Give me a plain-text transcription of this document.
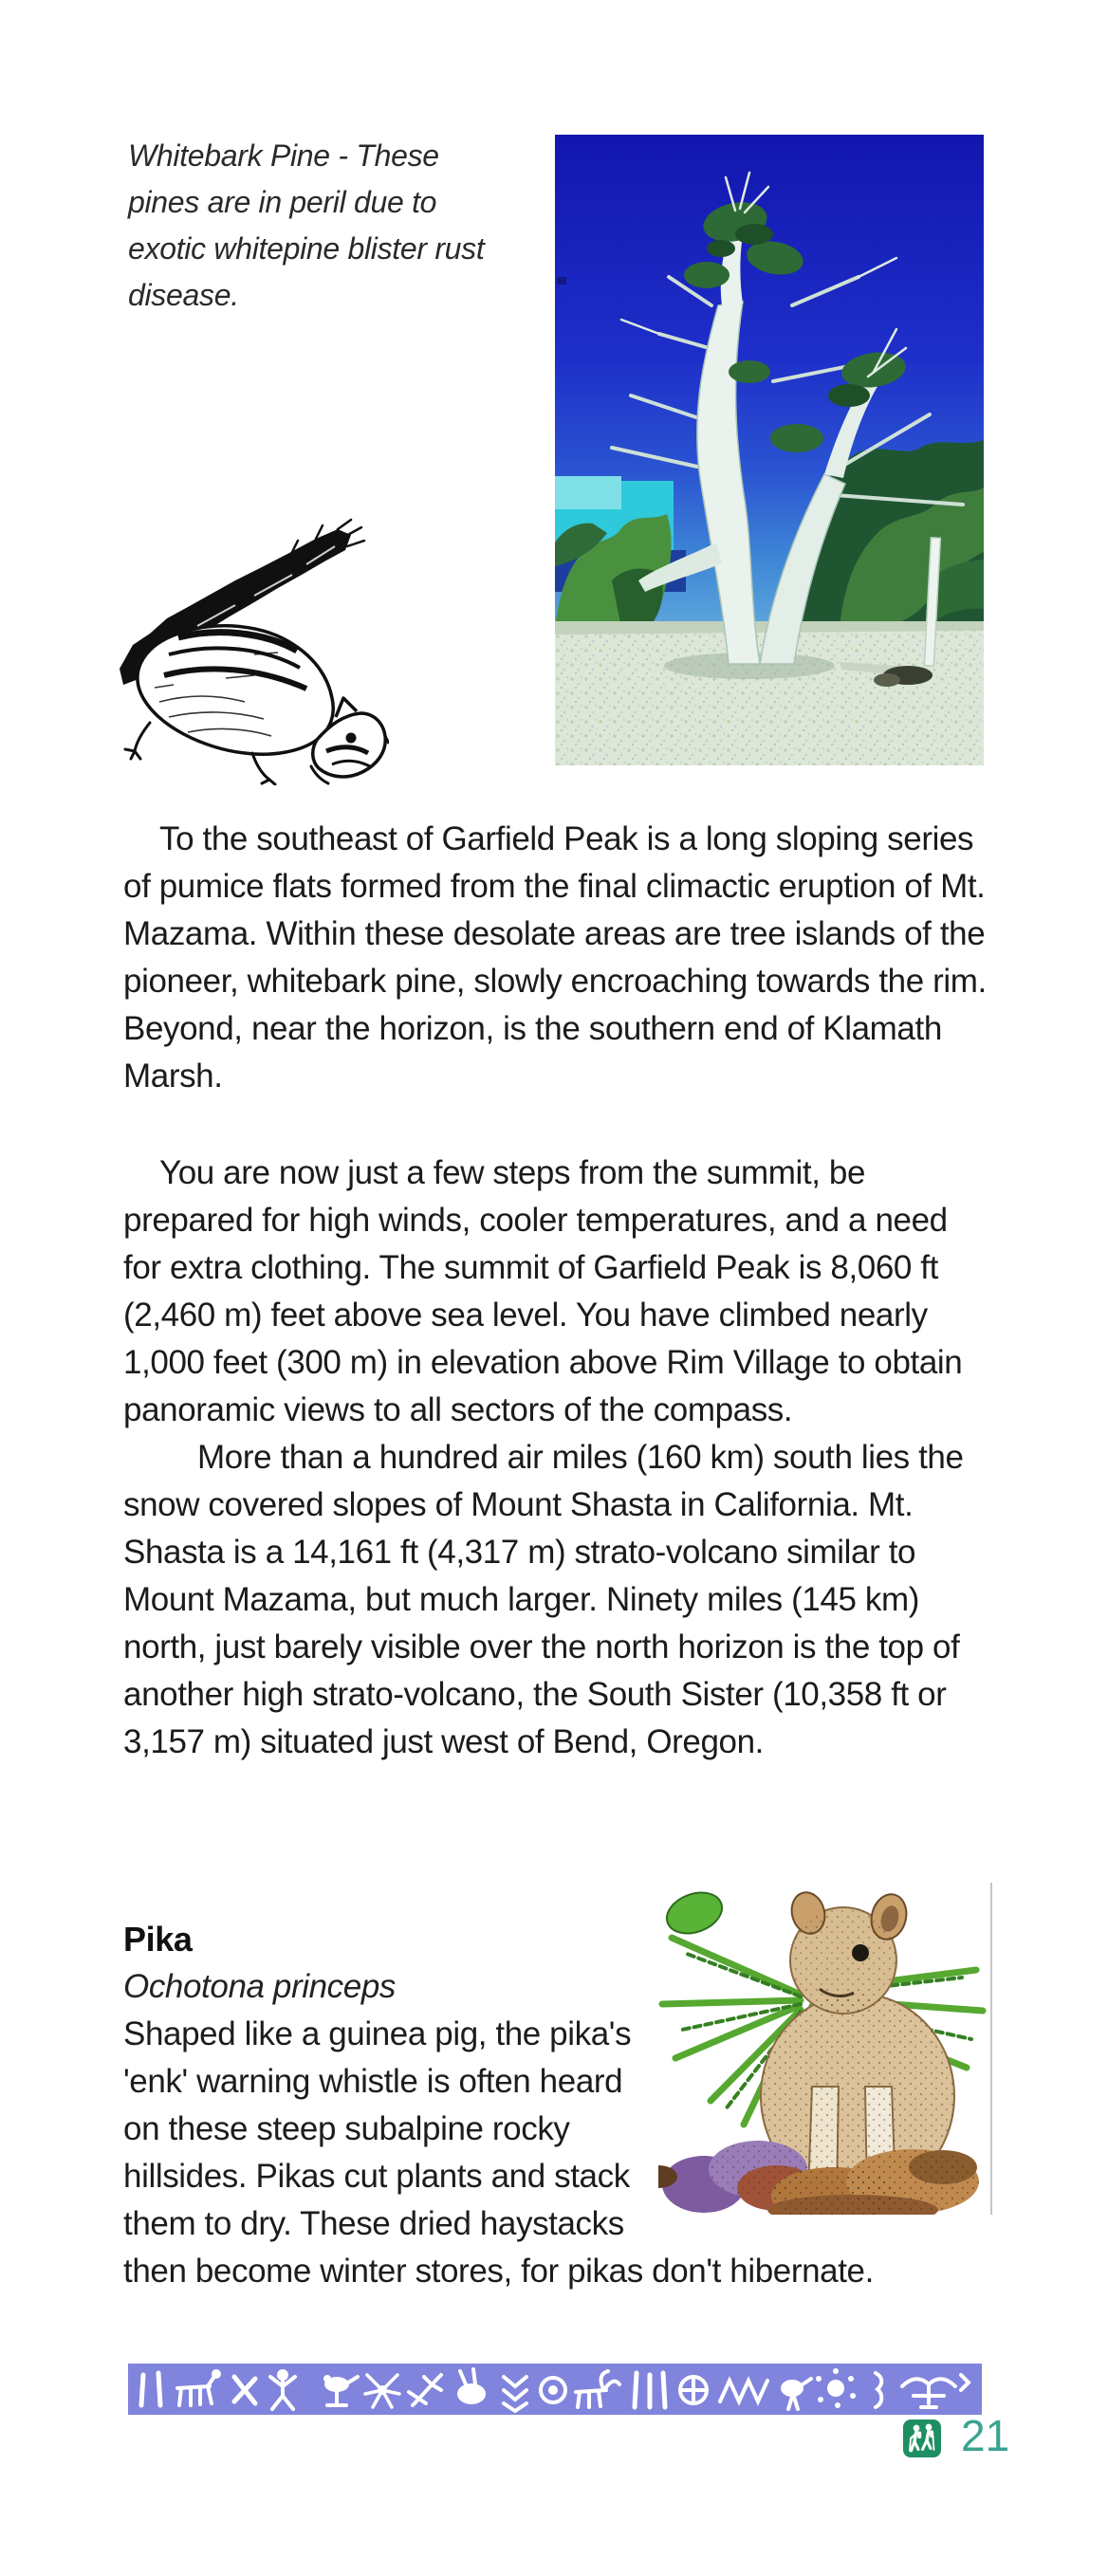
Whitebark Pine - These pines are in peril due to exotic whitepine blister rust disease.

To the southeast of Garfield Peak is a long sloping series of pumice flats formed from the final climactic eruption of Mt. Mazama. Within these desolate areas are tree islands of the pioneer, whitebark pine, slowly encroaching towards the rim. Beyond, near the horizon, is the southern end of Klamath Marsh.

You are now just a few steps from the summit, be prepared for high winds, cooler temperatures, and a need for extra clothing. The summit of Garfield Peak is 8,060 ft (2,460 m) feet above sea level. You have climbed nearly 1,000 feet (300 m) in elevation above Rim Village to obtain panoramic views to all sectors of the compass.

More than a hundred air miles (160 km) south lies the snow covered slopes of Mount Shasta in California. Mt. Shasta is a 14,161 ft (4,317 m) strato-volcano similar to Mount Mazama, but much larger. Ninety miles (145 km) north, just barely visible over the north horizon is the top of another high strato-volcano, the South Sister (10,358 ft or 3,157 m) situated just west of Bend, Oregon.

Pika

Ochotona princeps

Shaped like a guinea pig, the pika's 'enk' warning whistle is often heard on these steep subalpine rocky hillsides. Pikas cut plants and stack them to dry. These dried haystacks then become winter stores, for pikas don't hibernate.

21
